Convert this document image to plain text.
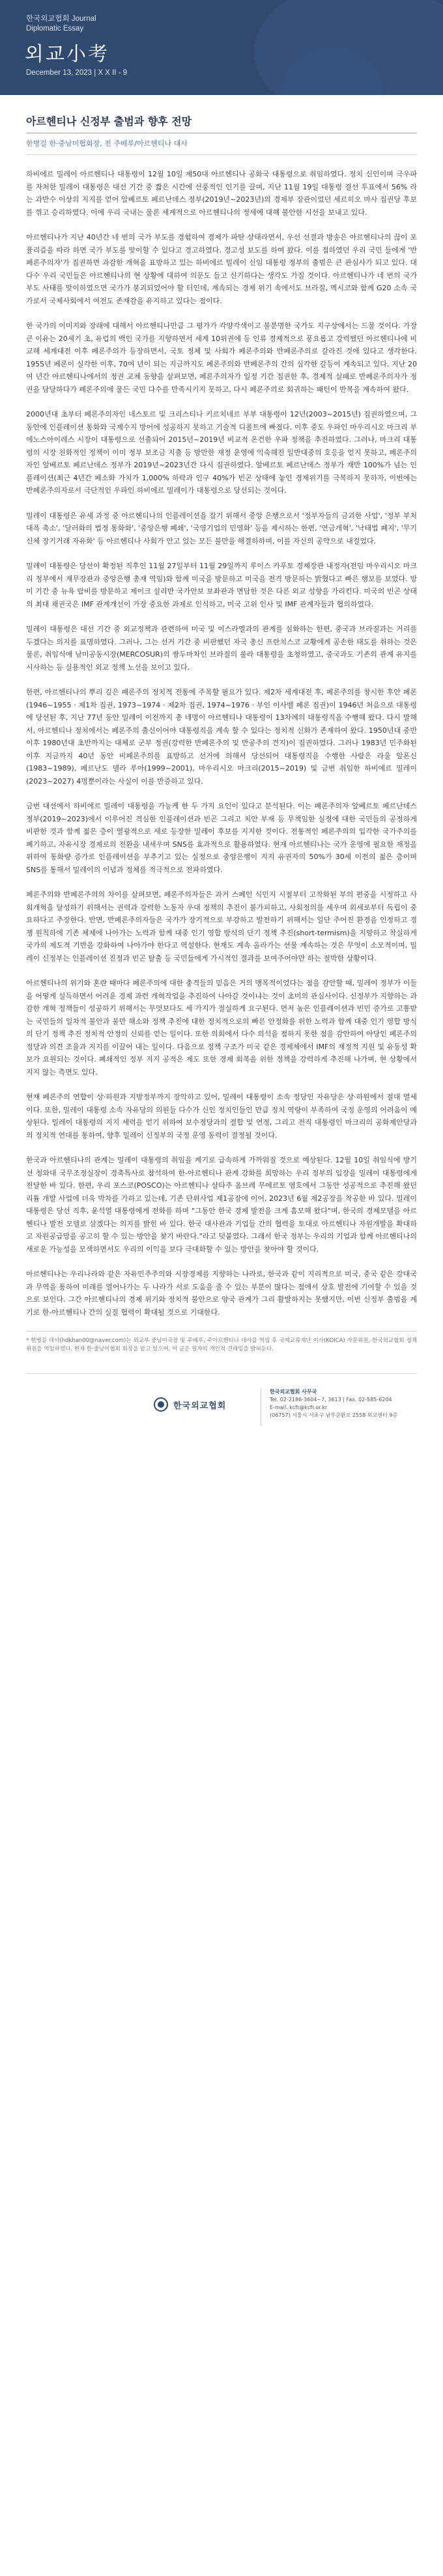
한국외교협회 Journal
Diplomatic Essay
외교小考
December 13, 2023 | X X II - 9
아르헨티나 신정부 출범과 향후 전망
한병길 한·중남미협회장, 전 주베루/아르헨티나 대사

하비에르 밀레이 아르헨티나 대통령이 12월 10일 제50대 아르헨티나 공화국 대통령으로 취임하였다. 정치 신인이며 극우파를 자처한 밀레이 대통령은 대선 기간 중 짧은 시간에 선풍적인 인기를 끌며, 지난 11월 19일 대통령 결선 투표에서 56% 라는 과반수 이상의 지지를 얻어 알베르토 페르난데스 정부(2019년~2023년)의 경제부 장관이었던 세르히오 마사 집권당 후보를 꺾고 승리하였다. 이에 우리 국내는 물론 세계적으로 아르헨티나의 정세에 대해 불안한 시선을 보내고 있다.

아르헨티나가 지난 40년간 네 번의 국가 부도를 경험하여 경제가 파탄 상태라면서, 우선 선결과 방송은 아르헨티나의 끊이 포퓰리즘을 따라 하면 국가 부도를 맞이할 수 있다고 경고하였다. 경고성 보도를 하여 왔다. 이를 접하였던 우리 국민 들에게 '반페론주의자'가 집권하면 과감한 개혁을 표방하고 있는 하비에르 밀레이 신임 대통령 정부의 출범은 큰 관심사가 되고 있다. 대다수 우리 국민들은 아르헨티나의 현 상황에 대하여 의문도 들고 신기하다는 생각도 가질 것이다. 아르헨티나가 네 번의 국가 부도 사태를 맞이하였으면 국가가 붕괴되었어야 할 터인데, 계속되는 경제 위기 속에서도 브라질, 멕시코와 함께 G20 소속 국가로서 국제사회에서 여전도 존재감을 유지하고 있다는 점이다.

한 국가의 이미지와 장래에 대해서 아르헨티나만큼 그 평가가 각양각색이고 불분명한 국가도 지구상에서는 드물 것이다. 가장 큰 이유는 20세기 초, 유럽의 백인 국가를 지향하면서 세계 10위권에 등 인류 경제적으로 풍요롭고 강력했던 아르헨티나에 비교해 세계대전 이후 페론주의가 등장하면서, 국토 정체 및 사회가 페론주의와 반페론주의로 갈라진 것에 있다고 생각한다. 1955년 페론이 실각한 이후, 70여 년이 되는 지금까지도 페론주의와 반페론주의 간의 심각한 갈등이 계속되고 있다. 지난 20여 년간 아르헨티나에서의 정권 교체 동향을 살펴보면, 페론주의자가 일정 기간 집권한 후, 경제적 실패로 반페론주의자가 정권을 담당하다가 페론주의에 물든 국민 다수를 만족시키지 못하고, 다시 페론주의로 회귀하는 패턴이 반복을 계속하여 왔다.

2000년대 초부터 페론주의자인 네스토르 및 크리스티나 키르치네르 부부 대통령이 12년(2003~2015년) 집권하였으며, 그 동안에 인플레이션 통화와 국제수지 방어에 성공하지 못하고 기술적 디폴트에 빠졌다. 이후 중도 우파인 마우리시오 마크리 부에노스아이레스 시장이 대통령으로 선출되어 2015년~2019년 비교적 온건한 우파 정책을 추진하였다. 그러나, 마크리 대통령의 시장 친화적인 정책이 이미 정부 보조금 지출 등 방만한 재정 운영에 익숙해진 일반대중의 호응을 얻지 못하고, 페론주의자인 알베르토 페르난데스 정부가 2019년~2023년간 다시 집권하였다. 알베르토 페르난데스 정부가 재반 100%가 넘는 인플레이션(최근 4년간 페소화 가치가 1,000% 하락과 인구 40%가 빈곤 상태에 놓인 경제위기를 극복하지 못하자, 이번에는 반페론주의자로서 극단적인 우파인 하비에르 밀레이가 대통령으로 당선되는 것이다.

밀레이 대통령은 유세 과정 중 아르헨티나의 인플레이션을 잡기 위해서 중앙 은행으로서 '정부자들의 금괴한 사업', '정부 부처 대폭 축소', '달러화의 법정 통화화', '중앙은행 폐쇄', '국영기업의 민영화' 등을 제시하는 한편, '연금개혁', '낙태법 폐지', '무기 신체 장기거래 자유화' 등 아르헨티나 사회가 안고 있는 모든 불만을 해결하하며, 이를 자신의 공약으로 내걸었다.

밀레이 대통령은 당선이 확정된 직후인 11월 27일부터 11월 29일까지 루이스 카푸토 경제장관 내정자(전임 마우리시오 마크리 정부에서 재무장관과 중앙은행 총재 역임)와 함께 미국을 방문하고 미국을 전격 방문하는 밝혔다고 빠른 행보를 보였다. 방미 기간 중 뉴욕 랍비를 방문하고 제이크 설리반 국가안보 보좌관과 면담한 것은 다른 외교 성향을 가리킨다. 미국의 빈곤 상태의 최대 채권국은 IMF 관계개선이 가장 중요한 과제로 인식하고, 미국 고위 인사 및 IMF 관계자들과 협의하였다.

밀레이 대통령은 대선 기간 중 외교정책과 관련하여 미국 및 이스라엘과의 관계를 심화하는 한편, 중국과 브라질과는 거리를 두겠다는 의지를 표명하였다. 그러나, 그는 선거 기간 중 비판했던 자국 총신 프란치스코 교황에게 공손한 태도를 취하는 것은 물론, 취임식에 남미공동시장(MERCOSUR)의 쌍두마차인 브라질의 룰라 대통령을 초청하였고, 중국과도 기존의 관계 유지를 시사하는 등 실용적인 외교 정책 노선을 보이고 있다.

한편, 아르헨티나의 뿌리 깊은 페론주의 정치적 전통에 주목할 필요가 있다. 제2차 세계대전 후, 페론주의를 창시한 후안 페론(1946~1955 · 제1차 집권, 1973~1974 · 제2차 집권, 1974~1976 · 부인 이사벨 페론 집권)이 1946년 처음으로 대통령에 당선된 후, 지난 77년 동안 밀레이 이전까지 총 네명이 아르헨티나 대통령이 13차례의 대통령직을 수행해 왔다. 다시 말해서, 아르헨티나 정치에서는 페론주의 출신이어야 대통령직을 계속 할 수 있다는 정치적 신화가 존재하여 왔다. 1950년대 중반 이후 1980년대 초반까지는 대체로 군부 정권(강력한 반페론주의 및 반공주의 견지)이 집권하였다. 그러나 1983년 민주화된 이후 지금까지 40년 동안 비페론주의를 표방하고 선거에 의해서 당선되어 대통령직을 수행한 사람은 라울 알폰신(1983~1989), 페르난도 델라 루아(1999~2001), 마우리시오 마크리(2015~2019) 및 금번 취임한 하비에르 밀레이(2023~2027) 4명뿐이라는 사실이 이를 반증하고 있다.

금번 대선에서 하비에르 밀레이 대통령을 가능케 한 두 가지 요인이 있다고 분석된다. 이는 페론주의자 알베르토 페르난데스 정부(2019~2023)에서 이루어진 격심한 인플레이션과 빈곤 그리고 치안 부재 등 무책임한 실정에 대한 국민들의 공정하게 비판한 것과 함께 젊은 층이 열광적으로 새로 등장한 밀레이 후보를 지지한 것이다. 전통적인 페론주의의 입각한 국가주의를 폐기하고, 자유시장 경제로의 전환을 내세우며 SNS를 효과적으로 활용하였다. 현재 아르헨티나는 국가 운영에 필요한 재정을 위하여 통화량 증가로 인플레이션을 부추기고 있는 실정으로 중앙은행이 지지 유권자의 50%가 30세 이전의 젊은 층이며 SNS를 통해서 밀레이의 이념과 정체를 적극적으로 전파하였다.

페론주의와 반페론주의의 차이를 살펴보면, 페론주의자들은 과거 스페인 식민지 시절부터 고착화된 부의 편중을 시정하고 사회개혁을 달성하기 위해서는 권력과 강력한 노동자 우대 정책의 추진이 불가피하고, 사회정의를 세우며 외세로부터 독립이 중요하다고 주장한다. 반면, 반페론주의자들은 국가가 장기적으로 부강하고 발전하기 위해서는 일단 주어진 환경을 인정하고 경쟁 원칙하에 기존 체제에 나아가는 노력과 함께 대중 인기 영합 방식의 단기 정책 추진(short-termism)을 지양하고 착실하게 국가의 제도적 기반을 강화하여 나아가야 한다고 역설한다. 현재도 계속 올라가는 선물 계속하는 것은 무엇이 소모적이며, 밀레이 신정부는 인플레이션 진정과 빈곤 탈출 등 국민들에게 가시적인 결과를 보여주어야만 하는 절박한 상황이다.

아르헨티나의 위기와 혼란 때마다 페론주의에 대한 충격들의 믿음은 거의 맹목적이었다는 점을 감안할 때, 밀레이 정부가 이들을 어떻게 설득하면서 어려운 경제 과련 개혁작업을 추진하여 나아갈 것이냐는 것이 초미의 관심사이다. 신정부가 지향하는 과감한 개혁 정책들이 성공하기 위해서는 무엇보다도 세 가지가 절실하게 요구된다. 먼저 높은 인플레이션과 빈민 증가로 고통받는 국민들의 일차적 불안과 불만 해소와 정책 추진에 대한 정치적으로의 빠른 안정화를 위한 노력과 함께 대중 인기 영합 방식의 단기 정책 추진 정치적 안정의 신뢰를 얻는 일이다. 또한 의회에서 다수 의석을 점하지 못한 점을 감안하여 야당인 페론주의 정당과 의견 조율과 지지를 이끌어 내는 일이다. 다음으로 정책 구조가 미국 같은 경제체에서 IMF의 재정적 지원 및 유동성 확보가 요원되는 것이다. 폐쇄적인 정부 지지 공적은 제도 또한 경제 회복을 위한 정책을 강력하게 추진해 나가며, 현 상황에서 지지 않는 측면도 있다.

현재 페론주의 연합이 상·하원과 지방정부까지 장악하고 있어, 밀레이 대통령이 소속 정당인 자유당은 상·하원에서 절대 열세이다. 또한, 밀레이 대통령 소속 자유당의 의원들 다수가 신인 정치인들인 만큼 정치 역량이 부족하여 국정 운영의 어려움이 예상된다. 밀레이 대통령의 지지 세력을 얻기 위하여 보수정당과의 결합 및 연정, 그리고 전직 대통령인 마크리의 공화제안당과의 정치적 연대를 통하여, 향후 밀레이 신정부의 국정 운영 동력이 결정될 것이다.

한국과 아르헨티나의 관계는 밀레이 대통령의 취임을 계기로 급속하게 가까워질 것으로 예상된다. 12월 10일 취임식에 방기선 청와대 국무조정실장이 경축특사로 참석하여 한-아르헨티나 관계 강화를 희망하는 우리 정부의 입장을 밀레이 대통령에게 전달한 바 있다. 한편, 우리 포스코(POSCO)는 아르헨티나 살타주 옴브레 무에르토 염호에서 그동안 성공적으로 추진해 왔던 리튬 개발 사업에 더욱 박차를 가하고 있는데, 기존 단위사업 제1공장에 이어, 2023년 6월 제2공장을 착공한 바 있다. 밀레이 대통령은 당선 직후, 윤석열 대통령에게 전화를 하며 "그동안 한국 경제 발전을 크게 흠모해 왔다"며, 한국의 경제모델을 아르헨티나 발전 모델로 삼겠다는 의지를 밝힌 바 있다. 한국 대사관과 기업들 간의 협력을 토대로 아르헨티나 자원개발을 확대하고 자원공급망을 공고히 할 수 있는 방안을 찾기 바란다."라고 덧붙였다. 그래서 한국 정부는 우리의 기업과 함께 아르헨티나의 새로운 가능성을 모색하면서도 우리의 이익을 보다 극대화할 수 있는 방안을 찾아야 할 것이다.

아르헨티나는 우리나라와 같은 자유민주주의와 시장경제를 지향하는 나라로, 한국과 같이 지리적으로 미국, 중국 같은 강대국과 무역을 통하여 미래를 열어나가는 두 나라가 서로 도움을 줄 수 있는 부분이 많다는 점에서 상호 발전에 기여할 수 있을 것으로 보인다. 그간 아르헨티나의 경제 위기와 정치적 불안으로 양국 관계가 그리 활발하지는 못했지만, 이번 신정부 출범을 계기로 한-아르헨티나 간의 실질 협력이 확대될 것으로 기대한다.

* 한병길 대사(hdkhan00@naver.com)는 외교부 중남미국장 및 주베루, 주아르헨티나 대사를 역임 후 국제교류재단 이사(KOICA) 자문위원, 한국외교협회 정책위원을 역임하였다. 현재 한·중남미협회 회장을 맡고 있으며, 이 글은 필자의 개인적 견해임을 밝혀둔다.

한국외교협회
한국외교협회 사무국
Tel. 02-2186-3604~7, 3613 | Fax. 02-585-6204
E-mail. kcfr@kcfr.or.kr
(06757) 서울시 서초구 남부순환로 2558 외교센터 9층
